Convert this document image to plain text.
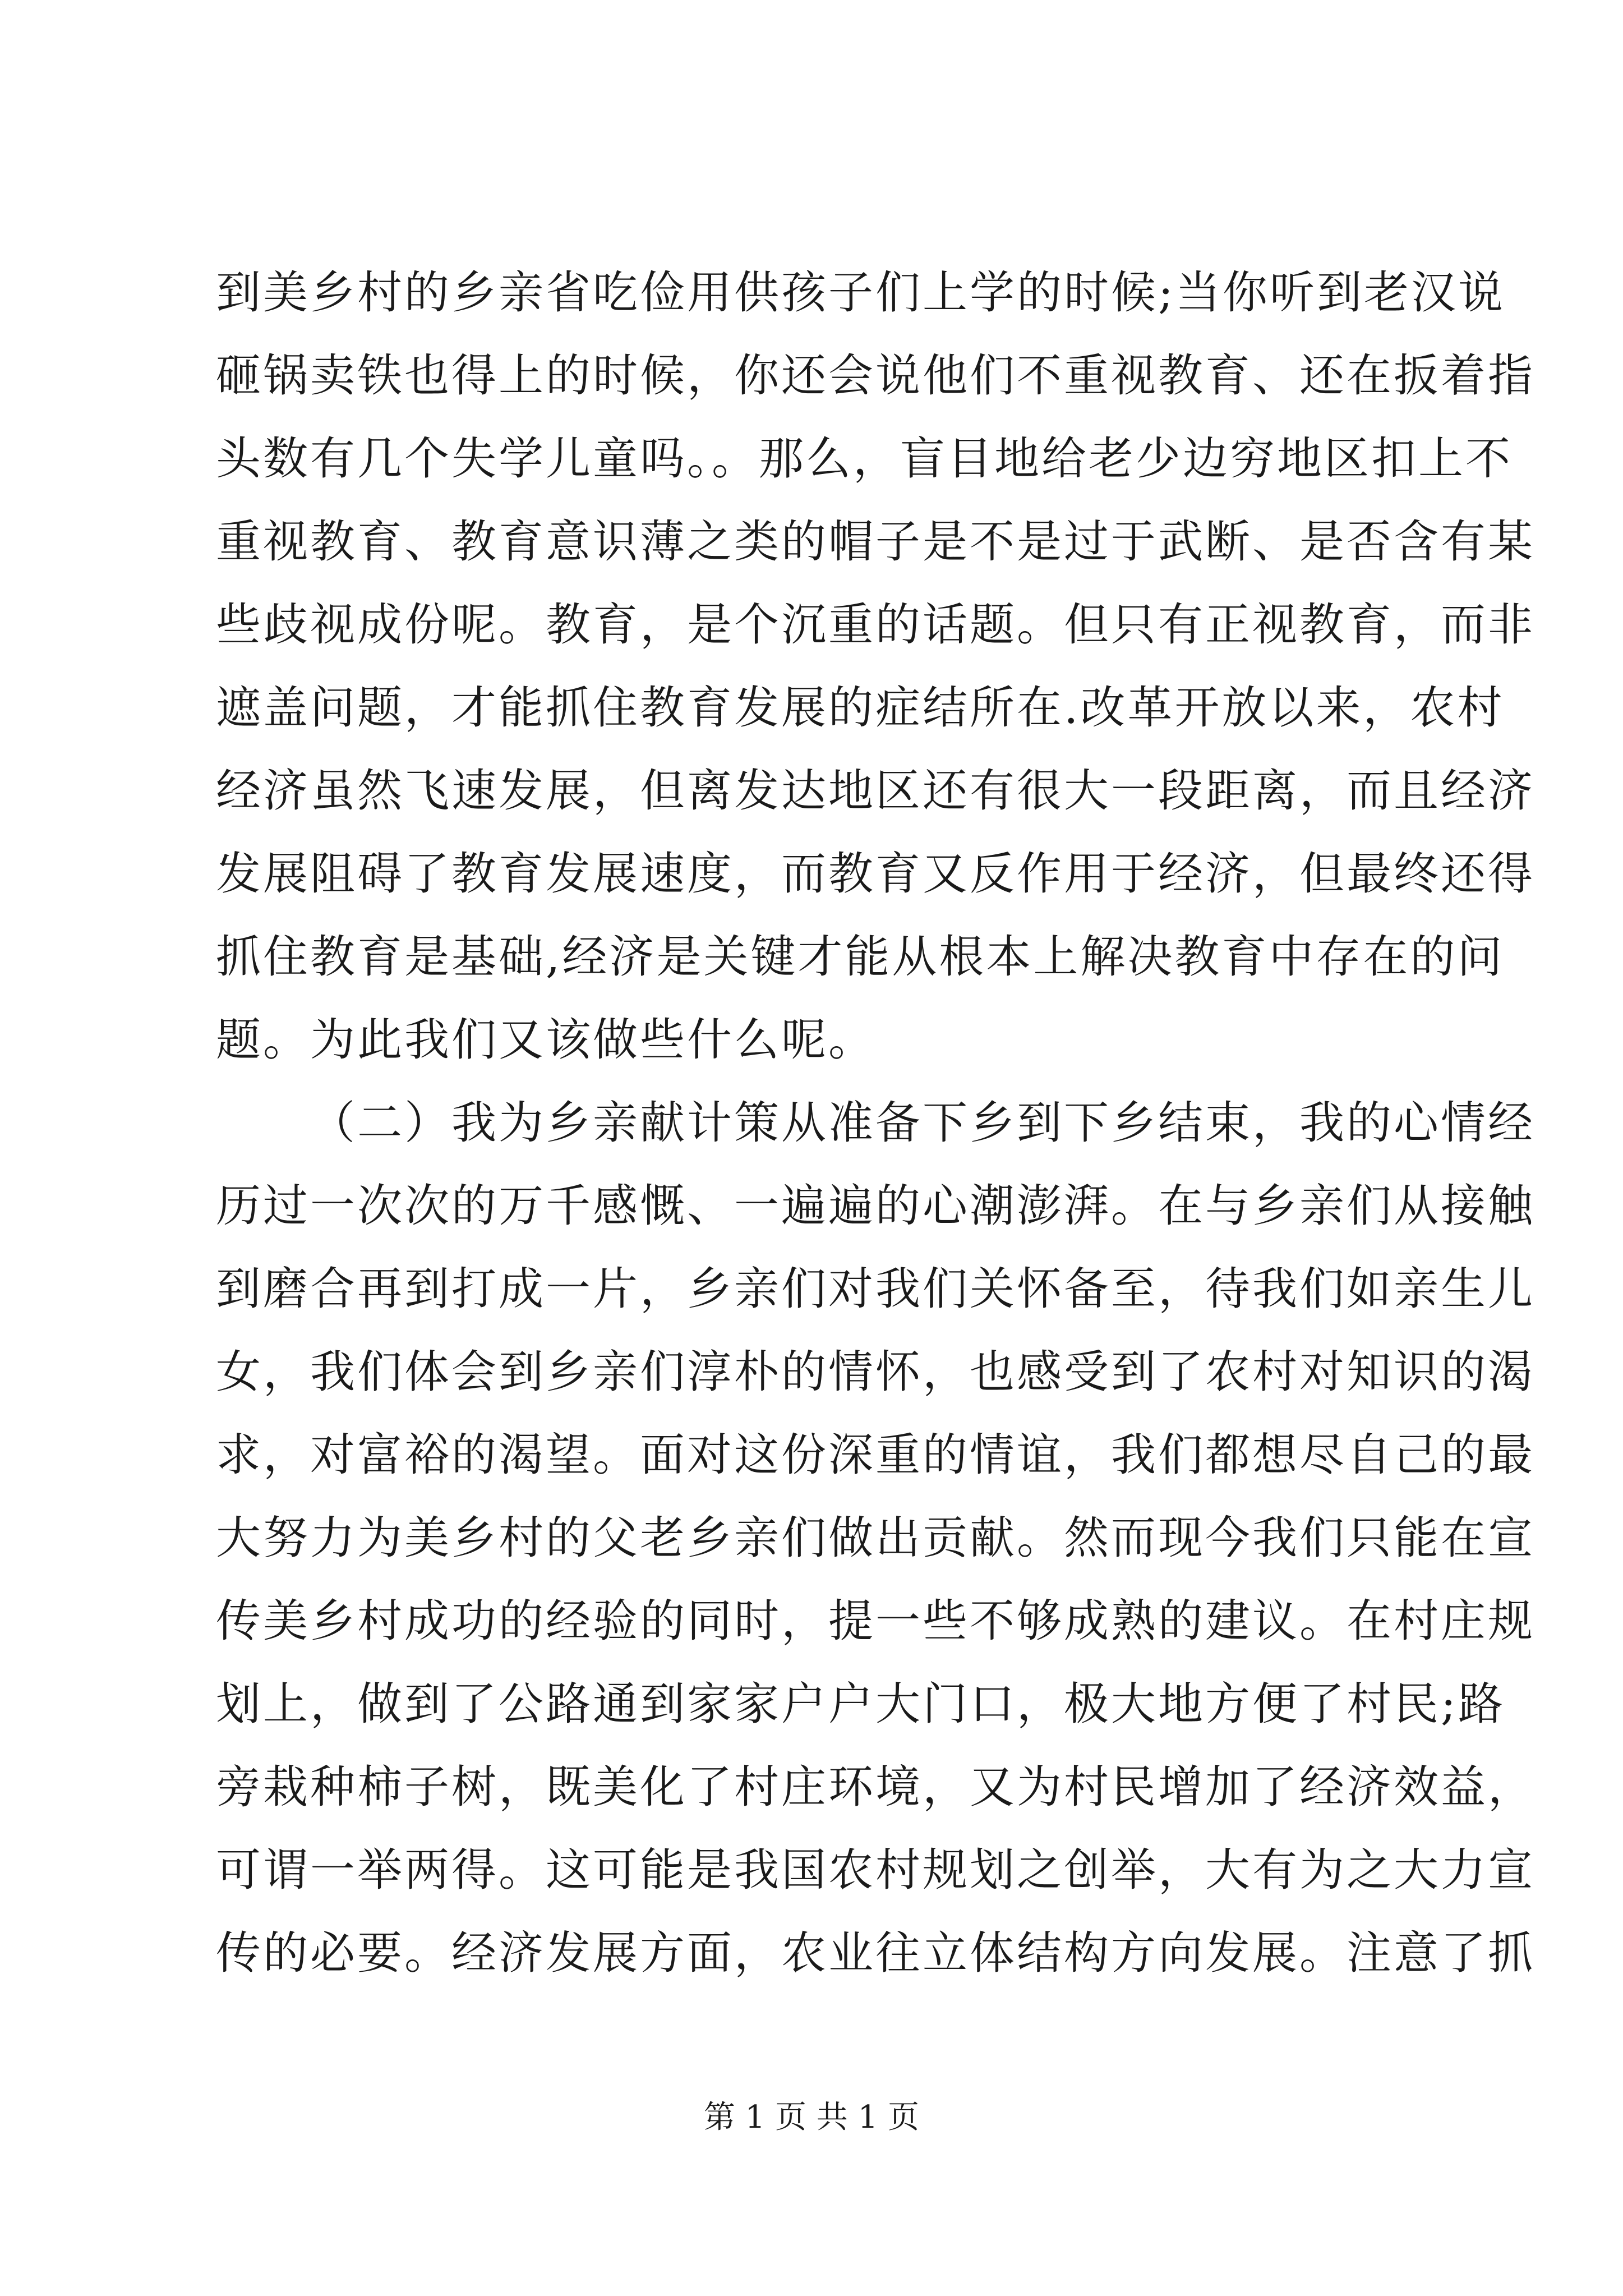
到美乡村的乡亲省吃俭用供孩子们上学的时候;当你听到老汉说
砸锅卖铁也得上的时候，你还会说他们不重视教育、还在扳着指
头数有几个失学儿童吗。。那么，盲目地给老少边穷地区扣上不
重视教育、教育意识薄之类的帽子是不是过于武断、是否含有某
些歧视成份呢。教育，是个沉重的话题。但只有正视教育，而非
遮盖问题，才能抓住教育发展的症结所在.改革开放以来，农村
经济虽然飞速发展，但离发达地区还有很大一段距离，而且经济
发展阻碍了教育发展速度，而教育又反作用于经济，但最终还得
抓住教育是基础,经济是关键才能从根本上解决教育中存在的问
题。为此我们又该做些什么呢。
（二）我为乡亲献计策从准备下乡到下乡结束，我的心情经
历过一次次的万千感慨、一遍遍的心潮澎湃。在与乡亲们从接触
到磨合再到打成一片，乡亲们对我们关怀备至，待我们如亲生儿
女，我们体会到乡亲们淳朴的情怀，也感受到了农村对知识的渴
求，对富裕的渴望。面对这份深重的情谊，我们都想尽自己的最
大努力为美乡村的父老乡亲们做出贡献。然而现今我们只能在宣
传美乡村成功的经验的同时，提一些不够成熟的建议。在村庄规
划上，做到了公路通到家家户户大门口，极大地方便了村民;路
旁栽种柿子树，既美化了村庄环境，又为村民增加了经济效益，
可谓一举两得。这可能是我国农村规划之创举，大有为之大力宣
传的必要。经济发展方面，农业往立体结构方向发展。注意了抓
第 1 页 共 1 页
